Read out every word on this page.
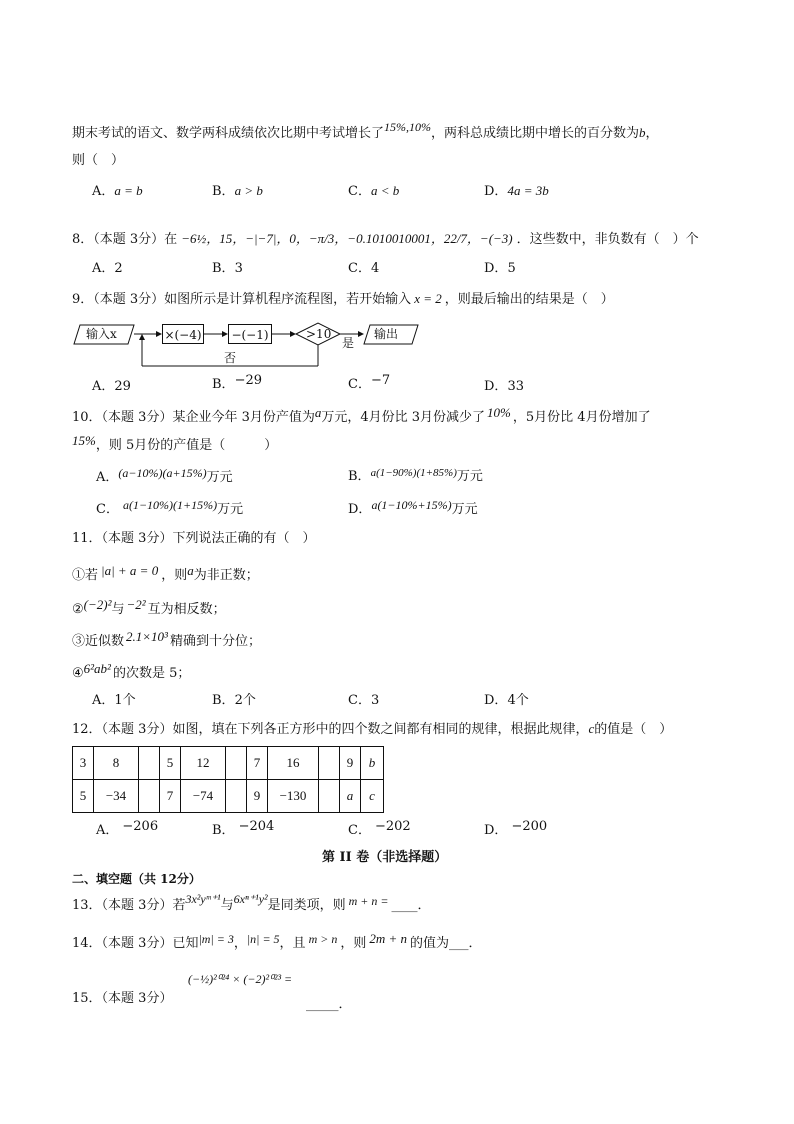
期末考试的语文、数学两科成绩依次比期中考试增长了15%,10%，两科总成绩比期中增长的百分数为b，
则（　）
A．a = b	B．a > b	C．a < b	D．4a = 3b
8．（本题 3分）在 −6½，15，−|−7|，0，−π/3，−0.1010010001，22/7，−(−3) ．这些数中，非负数有（　）个
A．2	B．3	C．4	D．5
9．（本题 3分）如图所示是计算机程序流程图，若开始输入 x = 2 ，则最后输出的结果是（　）
输入x	×(−4) −(−1)	>10
是
输出
否
A．29	B．−29	C．−7	D．33
10．（本题 3分）某企业今年 3月份产值为a万元，4月份比 3月份减少了 10% ，5月份比 4月份增加了
15%，则 5月份的产值是（　　　）
A．(a−10%)(a+15%)万元	B．$^{a(1-90\%)(1+85\%)}$万元
C． a(1−10%)(1+15%)万元	D．a(1−10%+15%)万元
11．（本题 3分）下列说法正确的有（　）
①若 |a| + a = 0 ，则a为非正数；
②(−2)²与 −2² 互为相反数；
③近似数 2.1×10³ 精确到十分位；
④6²ab² 的次数是 5；
A．1个	B．2个	C．3	D．4个
12．（本题 3分）如图，填在下列各正方形中的四个数之间都有相同的规律，根据此规律，c的值是（　）
3	8		5	12		7	16		9	b
5	−34		7	−74		9	−130		a	c
A． −206	B． −204	C． −202	D． −200
第 II 卷（非选择题）
二、填空题（共 12分）
13．（本题 3分）若3x²yᵐ⁺¹与6xⁿ⁺¹y²是同类项，则 m + n = ____．
14．（本题 3分）已知|m| = 3，|n| = 5，且 m > n ，则 2m + n 的值为___．
15．（本题 3分）
(−½)²⁰²⁴ × (−2)²⁰²³ =
_____．
